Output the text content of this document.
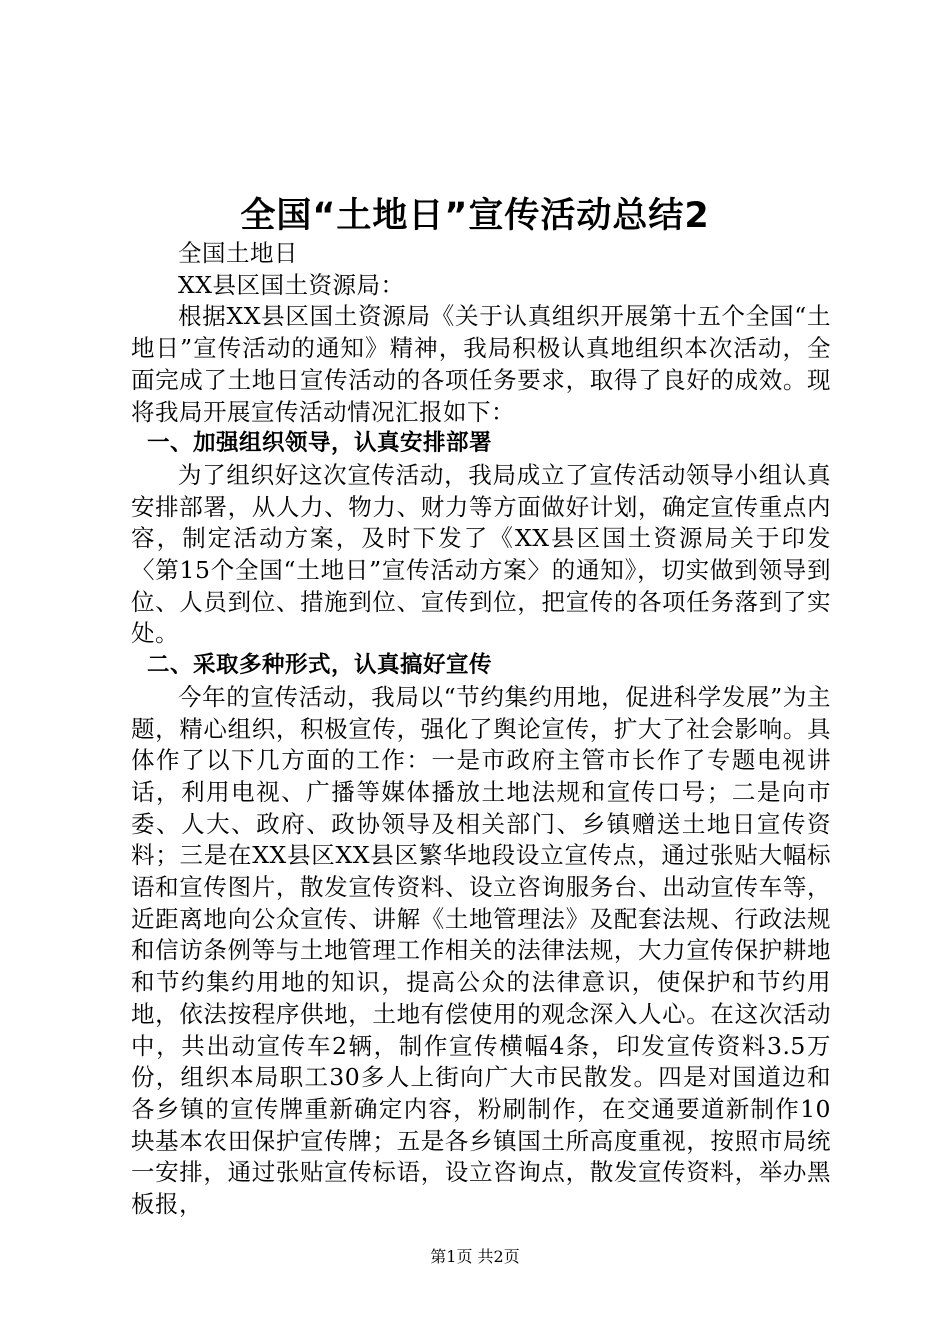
全国“土地日”宣传活动总结2

全国土地日

XX县区国土资源局：

根据XX县区国土资源局《关于认真组织开展第十五个全国“土地日”宣传活动的通知》精神，我局积极认真地组织本次活动，全面完成了土地日宣传活动的各项任务要求，取得了良好的成效。现将我局开展宣传活动情况汇报如下：

一、加强组织领导，认真安排部署

为了组织好这次宣传活动，我局成立了宣传活动领导小组认真安排部署，从人力、物力、财力等方面做好计划，确定宣传重点内容，制定活动方案，及时下发了《XX县区国土资源局关于印发〈第15个全国“土地日”宣传活动方案〉的通知》，切实做到领导到位、人员到位、措施到位、宣传到位，把宣传的各项任务落到了实处。

二、采取多种形式，认真搞好宣传

今年的宣传活动，我局以“节约集约用地，促进科学发展”为主题，精心组织，积极宣传，强化了舆论宣传，扩大了社会影响。具体作了以下几方面的工作：一是市政府主管市长作了专题电视讲话，利用电视、广播等媒体播放土地法规和宣传口号；二是向市委、人大、政府、政协领导及相关部门、乡镇赠送土地日宣传资料；三是在XX县区XX县区繁华地段设立宣传点，通过张贴大幅标语和宣传图片，散发宣传资料、设立咨询服务台、出动宣传车等，近距离地向公众宣传、讲解《土地管理法》及配套法规、行政法规和信访条例等与土地管理工作相关的法律法规，大力宣传保护耕地和节约集约用地的知识，提高公众的法律意识，使保护和节约用地，依法按程序供地，土地有偿使用的观念深入人心。在这次活动中，共出动宣传车2辆，制作宣传横幅4条，印发宣传资料3.5万份，组织本局职工30多人上街向广大市民散发。四是对国道边和各乡镇的宣传牌重新确定内容，粉刷制作，在交通要道新制作10块基本农田保护宣传牌；五是各乡镇国土所高度重视，按照市局统一安排，通过张贴宣传标语，设立咨询点，散发宣传资料，举办黑板报，

第1页 共2页
